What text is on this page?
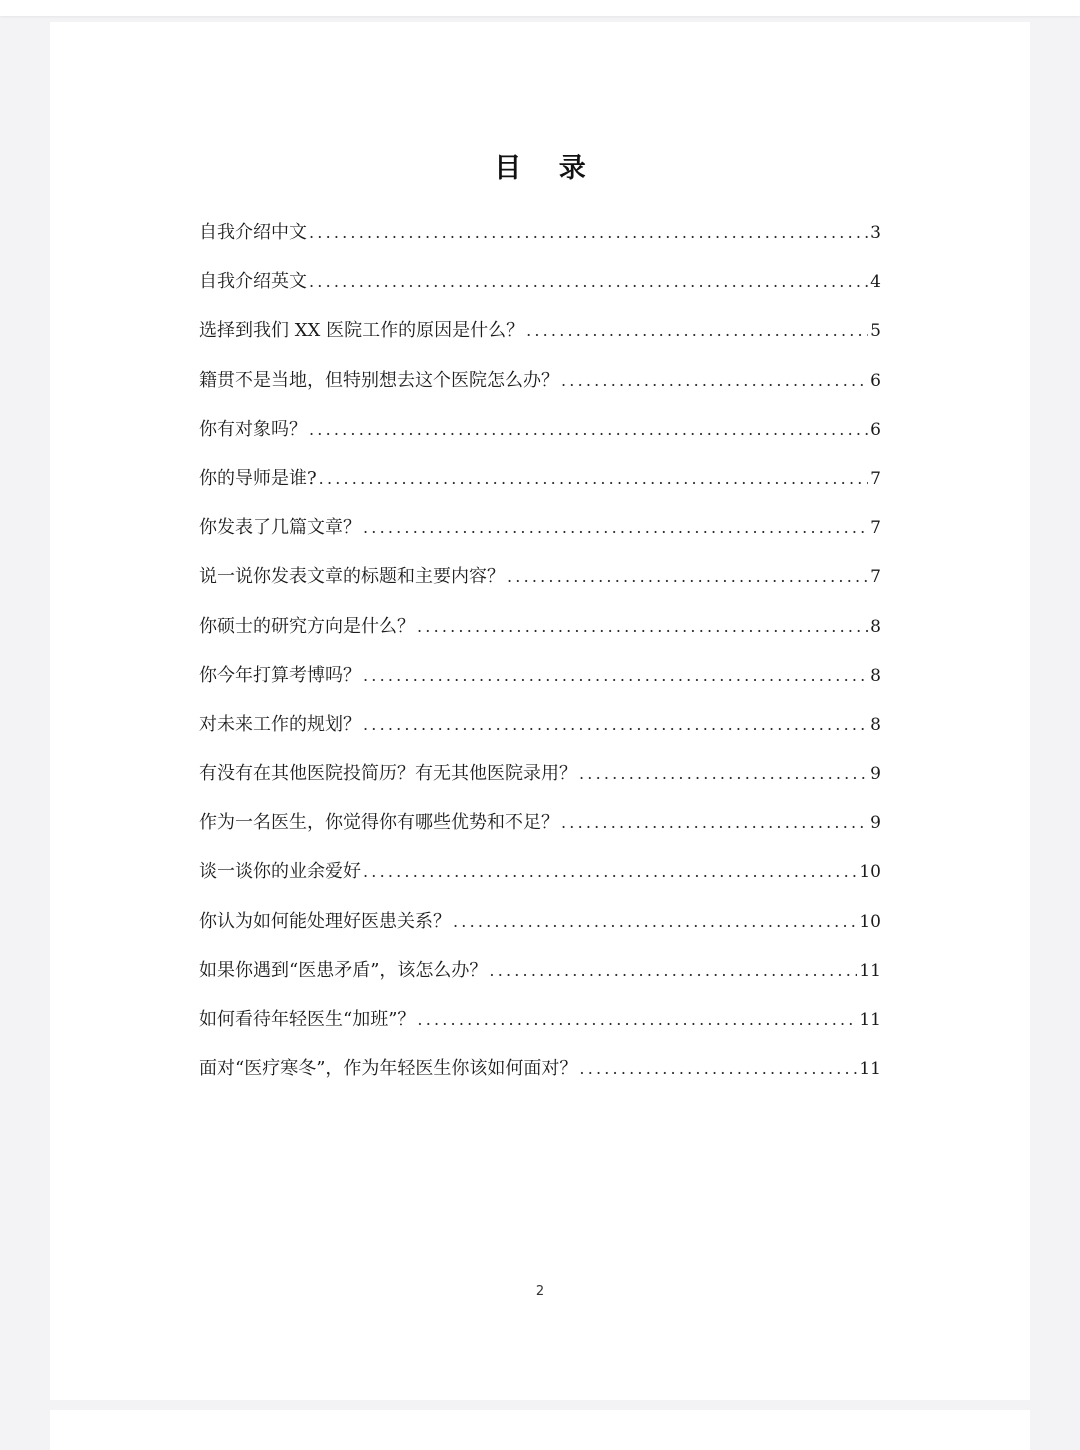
目 录
自我介绍中文 .....	3
自我介绍英文 .....	4
选择到我们 XX 医院工作的原因是什么？ .....	5
籍贯不是当地，但特别想去这个医院怎么办？ .....	6
你有对象吗？ .....	6
你的导师是谁? .....	7
你发表了几篇文章？ .....	7
说一说你发表文章的标题和主要内容？ .....	7
你硕士的研究方向是什么？ .....	8
你今年打算考博吗？ .....	8
对未来工作的规划？ .....	8
有没有在其他医院投简历？有无其他医院录用？ .....	9
作为一名医生，你觉得你有哪些优势和不足？ .....	9
谈一谈你的业余爱好 .....	10
你认为如何能处理好医患关系？ .....	10
如果你遇到“医患矛盾”，该怎么办？ .....	11
如何看待年轻医生“加班”？ .....	11
面对“医疗寒冬”，作为年轻医生你该如何面对？ .....	11
2
